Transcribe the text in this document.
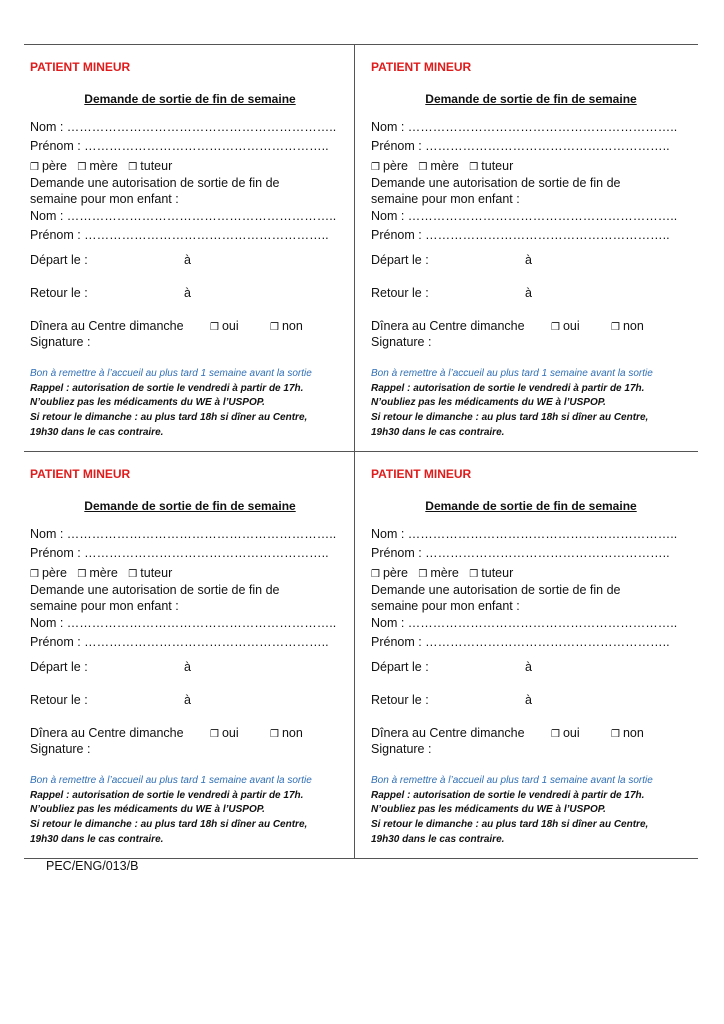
PATIENT MINEUR
Demande de sortie de fin de semaine
Nom : ………………………………………………………..
Prénom : …………………………………………………..
❒ père ❒ mère ❒ tuteur
Demande une autorisation de sortie de fin de
semaine pour mon enfant :
Nom : ………………………………………………………..
Prénom : …………………………………………………..
Départ le :	à
Retour le :	à
Dînera au Centre dimanche	❒ oui	❒ non
Signature :
Bon à remettre à l’accueil au plus tard 1 semaine avant la sortie
Rappel : autorisation de sortie le vendredi à partir de 17h.
N’oubliez pas les médicaments du WE à l’USPOP.
Si retour le dimanche : au plus tard 18h si dîner au Centre,
19h30 dans le cas contraire.
PATIENT MINEUR
Demande de sortie de fin de semaine
Nom : ………………………………………………………..
Prénom : …………………………………………………..
❒ père ❒ mère ❒ tuteur
Demande une autorisation de sortie de fin de
semaine pour mon enfant :
Nom : ………………………………………………………..
Prénom : …………………………………………………..
Départ le :	à
Retour le :	à
Dînera au Centre dimanche	❒ oui	❒ non
Signature :
Bon à remettre à l’accueil au plus tard 1 semaine avant la sortie
Rappel : autorisation de sortie le vendredi à partir de 17h.
N’oubliez pas les médicaments du WE à l’USPOP.
Si retour le dimanche : au plus tard 18h si dîner au Centre,
19h30 dans le cas contraire.
PATIENT MINEUR
Demande de sortie de fin de semaine
Nom : ………………………………………………………..
Prénom : …………………………………………………..
❒ père ❒ mère ❒ tuteur
Demande une autorisation de sortie de fin de
semaine pour mon enfant :
Nom : ………………………………………………………..
Prénom : …………………………………………………..
Départ le :	à
Retour le :	à
Dînera au Centre dimanche	❒ oui	❒ non
Signature :
Bon à remettre à l’accueil au plus tard 1 semaine avant la sortie
Rappel : autorisation de sortie le vendredi à partir de 17h.
N’oubliez pas les médicaments du WE à l’USPOP.
Si retour le dimanche : au plus tard 18h si dîner au Centre,
19h30 dans le cas contraire.
PATIENT MINEUR
Demande de sortie de fin de semaine
Nom : ………………………………………………………..
Prénom : …………………………………………………..
❒ père ❒ mère ❒ tuteur
Demande une autorisation de sortie de fin de
semaine pour mon enfant :
Nom : ………………………………………………………..
Prénom : …………………………………………………..
Départ le :	à
Retour le :	à
Dînera au Centre dimanche	❒ oui	❒ non
Signature :
Bon à remettre à l’accueil au plus tard 1 semaine avant la sortie
Rappel : autorisation de sortie le vendredi à partir de 17h.
N’oubliez pas les médicaments du WE à l’USPOP.
Si retour le dimanche : au plus tard 18h si dîner au Centre,
19h30 dans le cas contraire.
PEC/ENG/013/B
